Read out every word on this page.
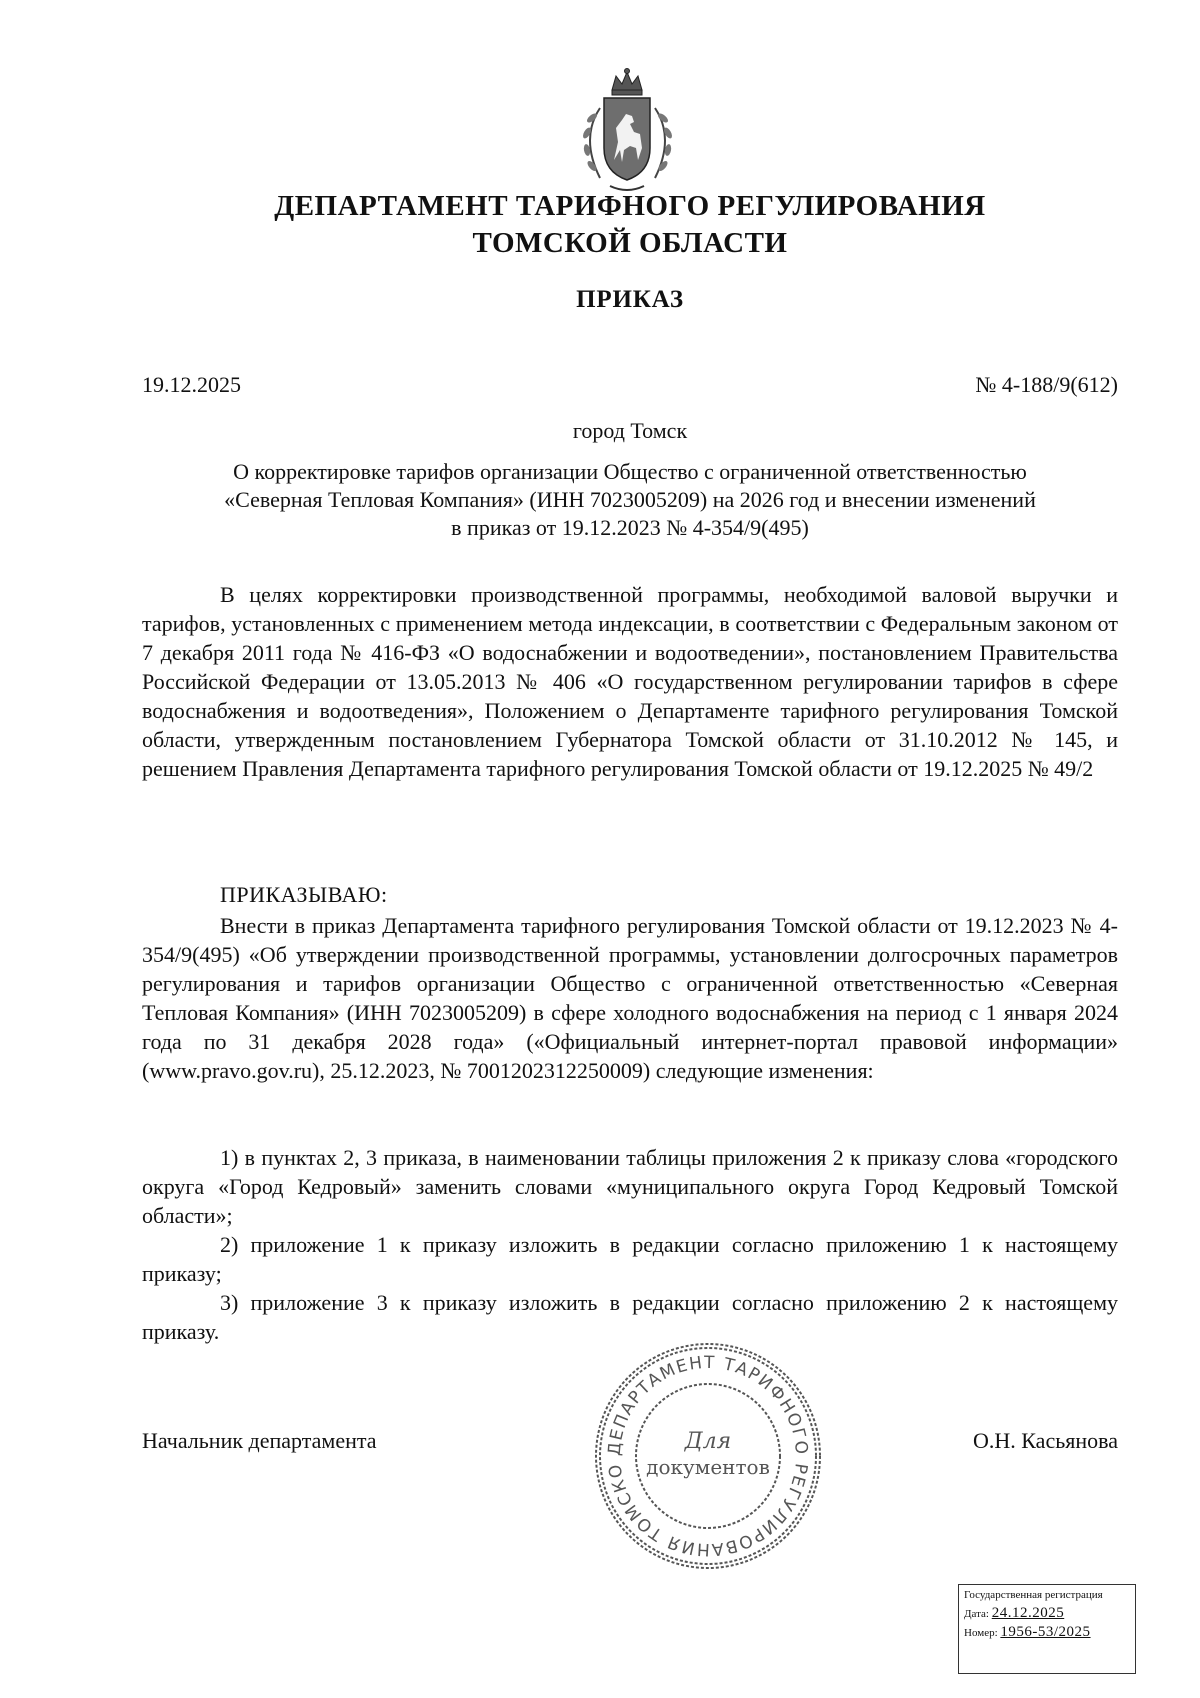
ДЕПАРТАМЕНТ ТАРИФНОГО РЕГУЛИРОВАНИЯ
ТОМСКОЙ ОБЛАСТИ
ПРИКАЗ
19.12.2025	№ 4-188/9(612)
город Томск
О корректировке тарифов организации Общество с ограниченной ответственностью
«Северная Тепловая Компания» (ИНН 7023005209) на 2026 год и внесении изменений
в приказ от 19.12.2023 № 4-354/9(495)
В целях корректировки производственной программы, необходимой валовой выручки и тарифов, установленных с применением метода индексации, в соответствии с Федеральным законом от 7 декабря 2011 года № 416-ФЗ «О водоснабжении и водоотведении», постановлением Правительства Российской Федерации от 13.05.2013 № 406 «О государственном регулировании тарифов в сфере водоснабжения и водоотведения», Положением о Департаменте тарифного регулирования Томской области, утвержденным постановлением Губернатора Томской области от 31.10.2012 № 145, и решением Правления Департамента тарифного регулирования Томской области от 19.12.2025 № 49/2
ПРИКАЗЫВАЮ:
Внести в приказ Департамента тарифного регулирования Томской области от 19.12.2023 № 4-354/9(495) «Об утверждении производственной программы, установлении долгосрочных параметров регулирования и тарифов организации Общество с ограниченной ответственностью «Северная Тепловая Компания» (ИНН 7023005209) в сфере холодного водоснабжения на период с 1 января 2024 года по 31 декабря 2028 года» («Официальный интернет-портал правовой информации» (www.pravo.gov.ru), 25.12.2023, № 7001202312250009) следующие изменения:
1) в пунктах 2, 3 приказа, в наименовании таблицы приложения 2 к приказу слова «городского округа «Город Кедровый» заменить словами «муниципального округа Город Кедровый Томской области»;
2) приложение 1 к приказу изложить в редакции согласно приложению 1 к настоящему приказу;
3) приложение 3 к приказу изложить в редакции согласно приложению 2 к настоящему приказу.
Начальник департамента	О.Н. Касьянова
ДЕПАРТАМЕНТ ТАРИФНОГО РЕГУЛИРОВАНИЯ ТОМСКО
Для
документов
Государственная регистрация
Дата: 24.12.2025
Номер: 1956-53/2025
